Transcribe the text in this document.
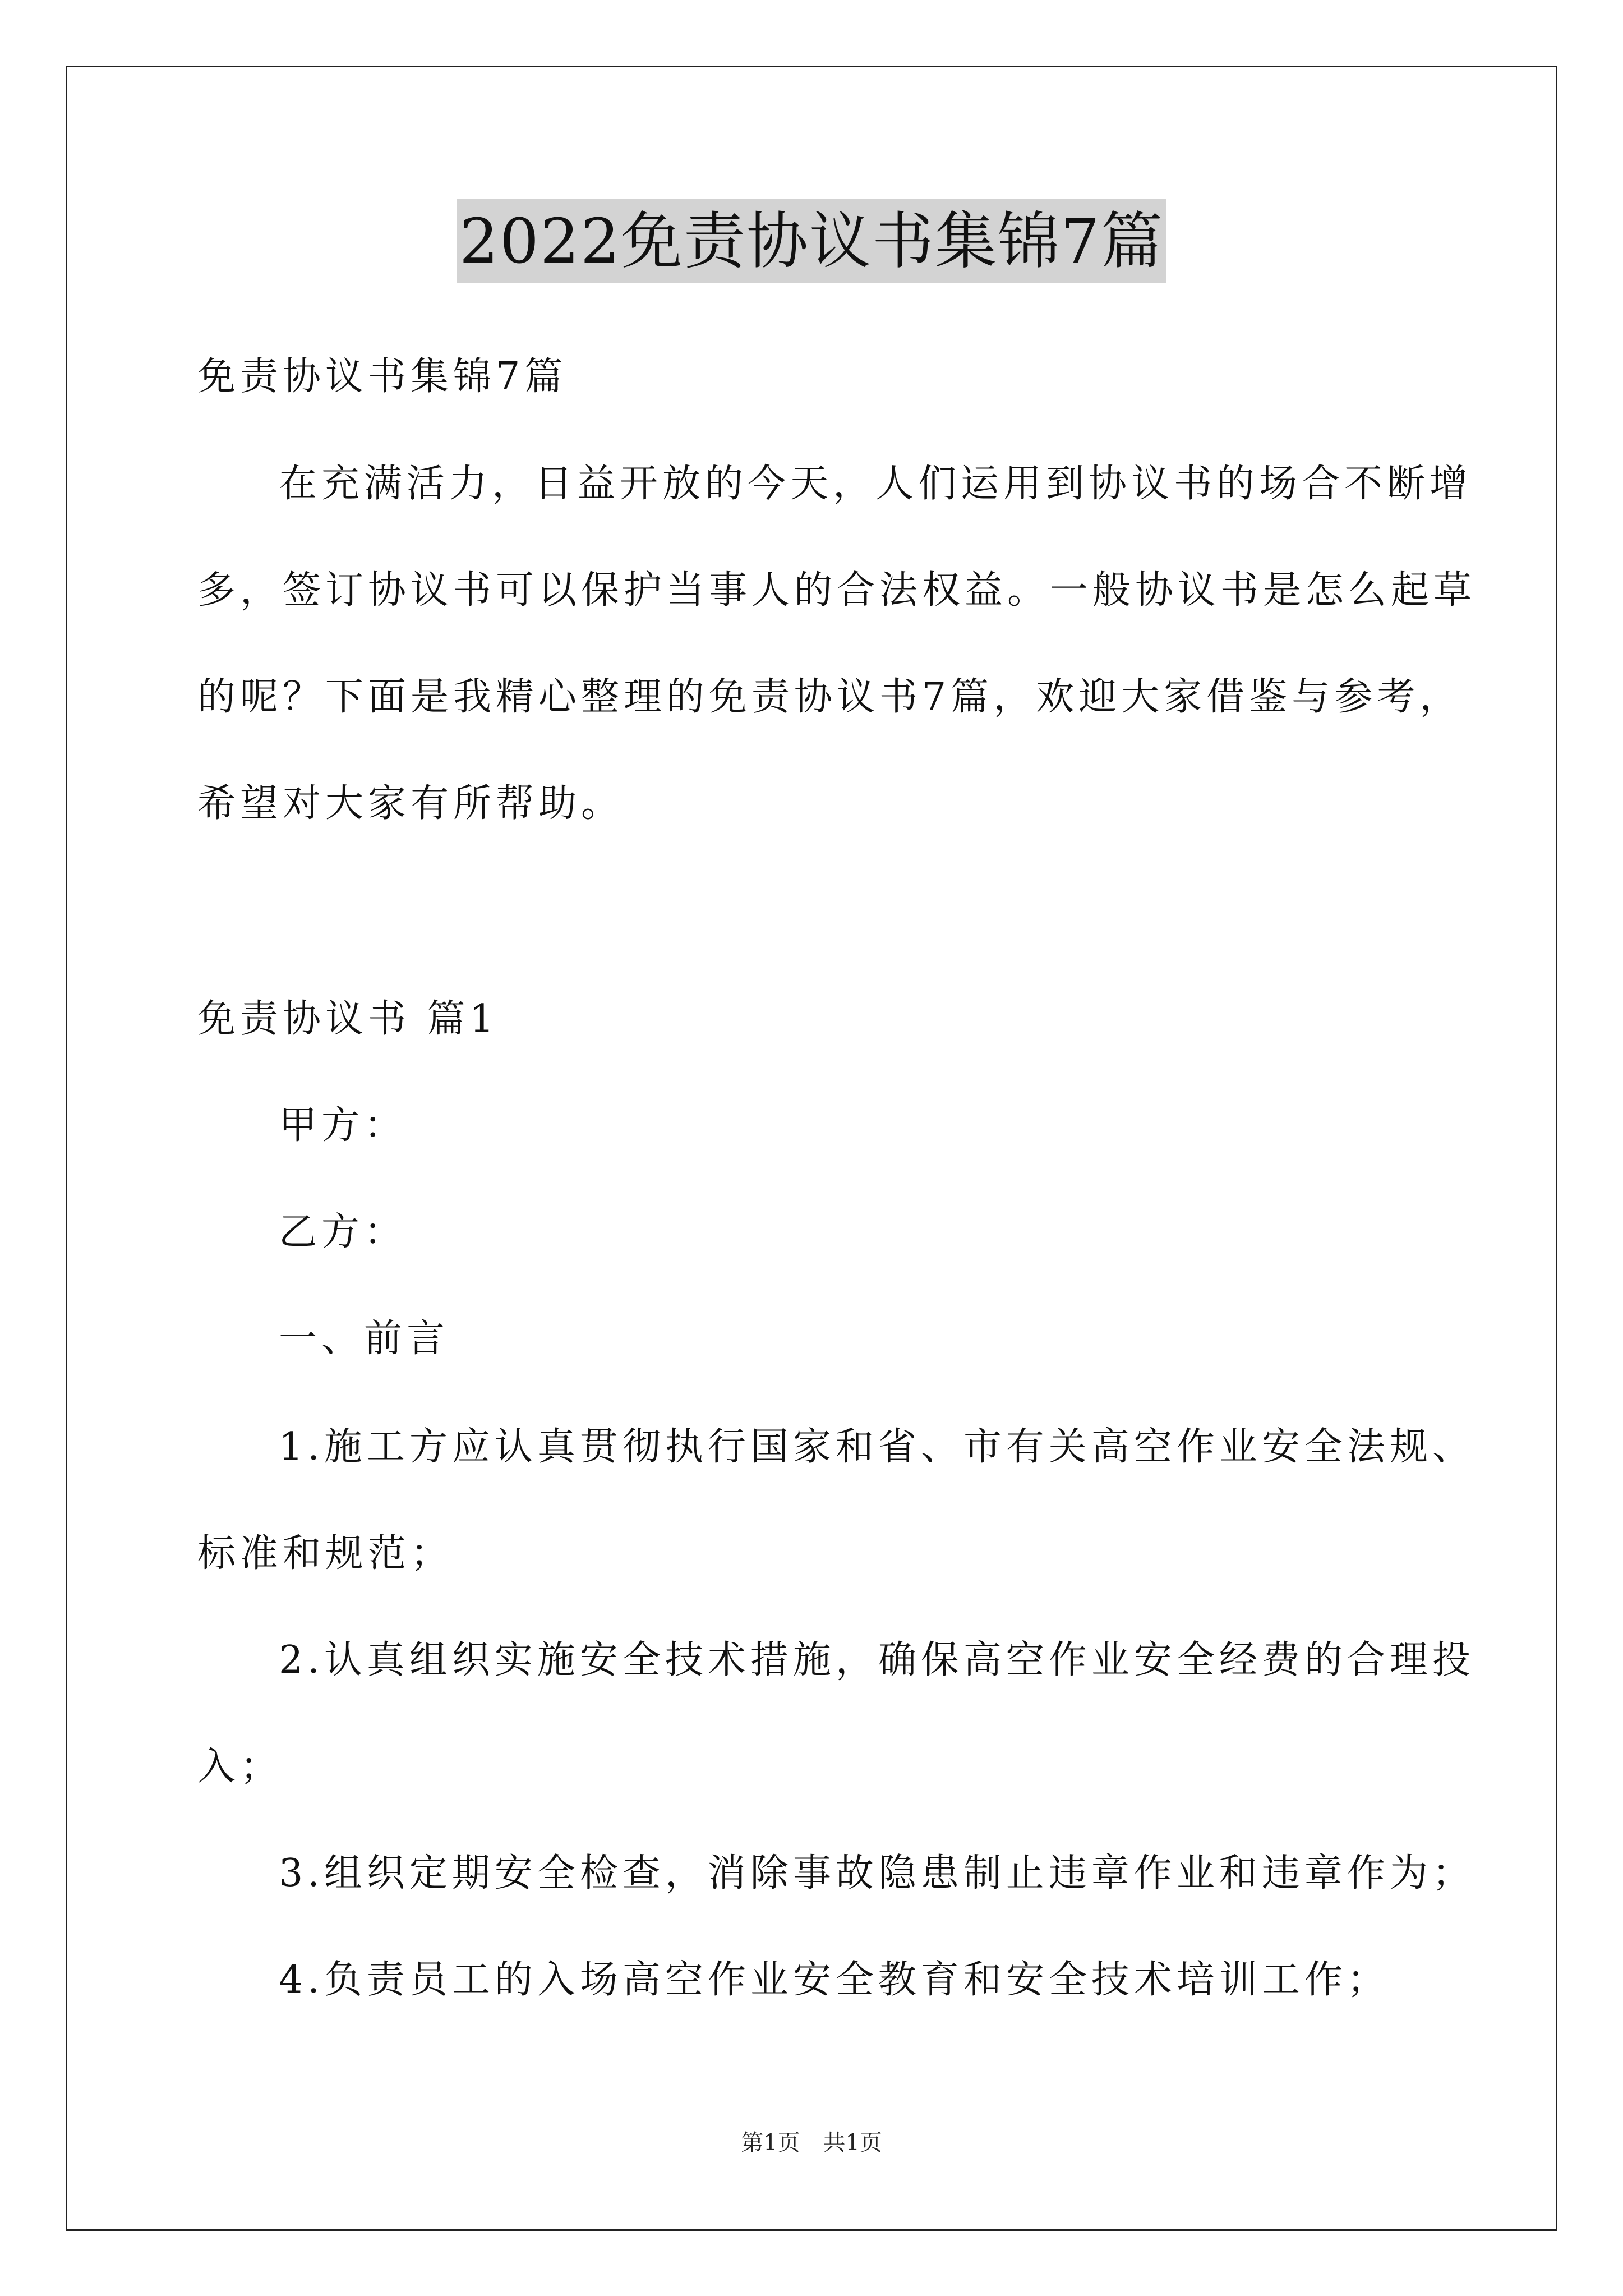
2022免责协议书集锦7篇
免责协议书集锦7篇
在充满活力，日益开放的今天，人们运用到协议书的场合不断增
多，签订协议书可以保护当事人的合法权益。一般协议书是怎么起草
的呢？下面是我精心整理的免责协议书7篇，欢迎大家借鉴与参考，
希望对大家有所帮助。
免责协议书 篇1
甲方：
乙方：
一、前言
1.施工方应认真贯彻执行国家和省、市有关高空作业安全法规、
标准和规范；
2.认真组织实施安全技术措施，确保高空作业安全经费的合理投
入；
3.组织定期安全检查，消除事故隐患制止违章作业和违章作为；
4.负责员工的入场高空作业安全教育和安全技术培训工作；
第1页 共1页
